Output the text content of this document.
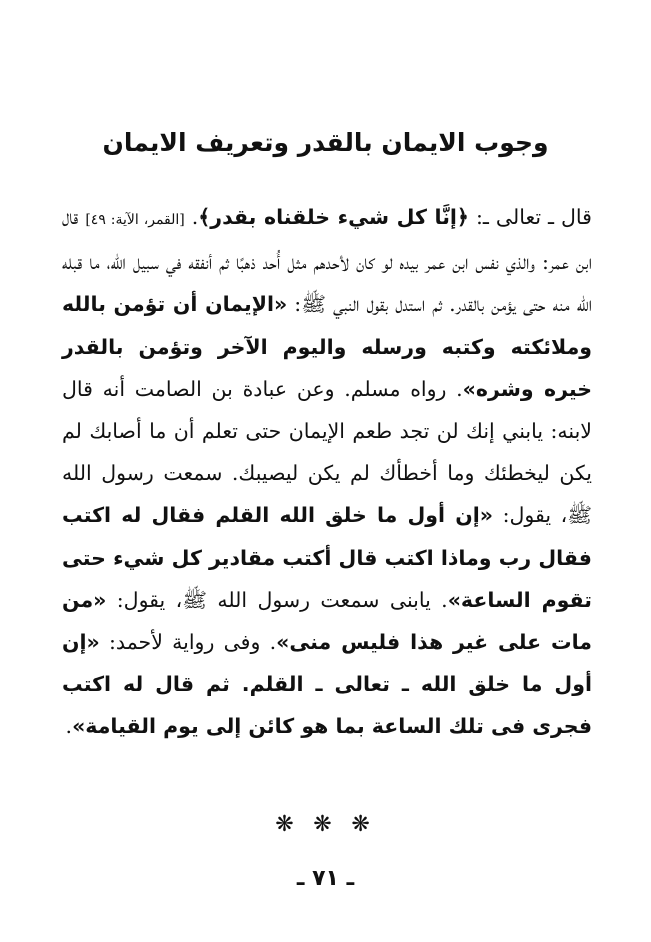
وجوب الايمان بالقدر وتعريف الايمان

قال ـ تعالى ـ: ﴿إنَّا كل شيء خلقناه بقدر﴾. [القمر، الآية: ٤٩] قال ابن عمر: والذي نفس ابن عمر بيده لو كان لأحدهم مثل أُحد ذهبًا ثم أنفقه في سبيل الله، ما قبله الله منه حتى يؤمن بالقدر. ثم استدل بقول النبي ﷺ: «الإيمان أن تؤمن بالله وملائكته وكتبه ورسله واليوم الآخر وتؤمن بالقدر خيره وشره». رواه مسلم. وعن عبادة بن الصامت أنه قال لابنه: يابني إنك لن تجد طعم الإيمان حتى تعلم أن ما أصابك لم يكن ليخطئك وما أخطأك لم يكن ليصيبك. سمعت رسول الله ﷺ، يقول: «إن أول ما خلق الله القلم فقال له اكتب فقال رب وماذا اكتب قال أكتب مقادير كل شيء حتى تقوم الساعة». يابنى سمعت رسول الله ﷺ، يقول: «من مات على غير هذا فليس منى». وفى رواية لأحمد: «إن أول ما خلق الله ـ تعالى ـ القلم. ثم قال له اكتب فجرى فى تلك الساعة بما هو كائن إلى يوم القيامة».

❋ ❋ ❋
ـ ٧١ ـ
